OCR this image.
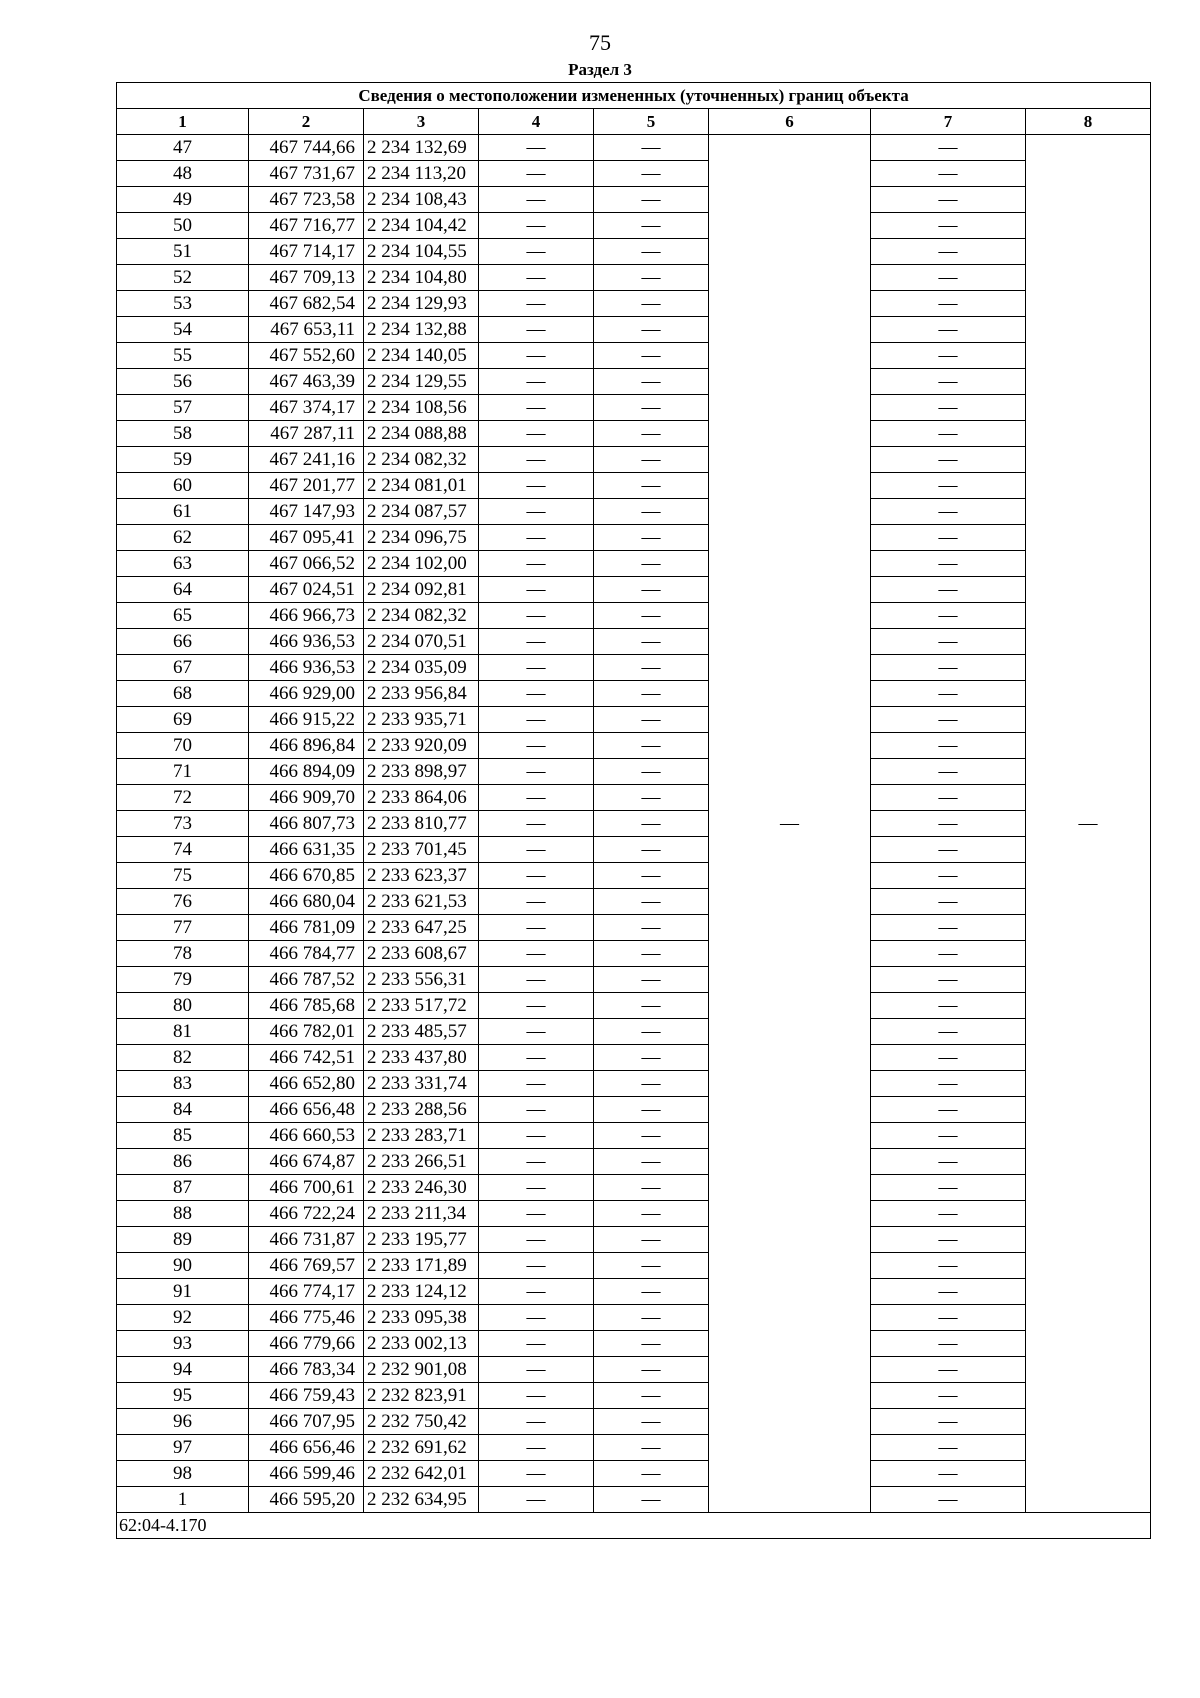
75
Раздел 3
Сведения о местоположении измененных (уточненных) границ объекта							
1	2	3	4	5	6	7	8
47	467 744,66	2 234 132,69	—	—	—	—	—
48	467 731,67	2 234 113,20	—	—		—	
49	467 723,58	2 234 108,43	—	—		—	
50	467 716,77	2 234 104,42	—	—		—	
51	467 714,17	2 234 104,55	—	—		—	
52	467 709,13	2 234 104,80	—	—		—	
53	467 682,54	2 234 129,93	—	—		—	
54	467 653,11	2 234 132,88	—	—		—	
55	467 552,60	2 234 140,05	—	—		—	
56	467 463,39	2 234 129,55	—	—		—	
57	467 374,17	2 234 108,56	—	—		—	
58	467 287,11	2 234 088,88	—	—		—	
59	467 241,16	2 234 082,32	—	—		—	
60	467 201,77	2 234 081,01	—	—		—	
61	467 147,93	2 234 087,57	—	—		—	
62	467 095,41	2 234 096,75	—	—		—	
63	467 066,52	2 234 102,00	—	—		—	
64	467 024,51	2 234 092,81	—	—		—	
65	466 966,73	2 234 082,32	—	—		—	
66	466 936,53	2 234 070,51	—	—		—	
67	466 936,53	2 234 035,09	—	—		—	
68	466 929,00	2 233 956,84	—	—		—	
69	466 915,22	2 233 935,71	—	—		—	
70	466 896,84	2 233 920,09	—	—		—	
71	466 894,09	2 233 898,97	—	—		—	
72	466 909,70	2 233 864,06	—	—		—	
73	466 807,73	2 233 810,77	—	—		—	
74	466 631,35	2 233 701,45	—	—		—	
75	466 670,85	2 233 623,37	—	—		—	
76	466 680,04	2 233 621,53	—	—		—	
77	466 781,09	2 233 647,25	—	—		—	
78	466 784,77	2 233 608,67	—	—		—	
79	466 787,52	2 233 556,31	—	—		—	
80	466 785,68	2 233 517,72	—	—		—	
81	466 782,01	2 233 485,57	—	—		—	
82	466 742,51	2 233 437,80	—	—		—	
83	466 652,80	2 233 331,74	—	—		—	
84	466 656,48	2 233 288,56	—	—		—	
85	466 660,53	2 233 283,71	—	—		—	
86	466 674,87	2 233 266,51	—	—		—	
87	466 700,61	2 233 246,30	—	—		—	
88	466 722,24	2 233 211,34	—	—		—	
89	466 731,87	2 233 195,77	—	—		—	
90	466 769,57	2 233 171,89	—	—		—	
91	466 774,17	2 233 124,12	—	—		—	
92	466 775,46	2 233 095,38	—	—		—	
93	466 779,66	2 233 002,13	—	—		—	
94	466 783,34	2 232 901,08	—	—		—	
95	466 759,43	2 232 823,91	—	—		—	
96	466 707,95	2 232 750,42	—	—		—	
97	466 656,46	2 232 691,62	—	—		—	
98	466 599,46	2 232 642,01	—	—		—	
1	466 595,20	2 232 634,95	—	—		—	
62:04-4.170							
